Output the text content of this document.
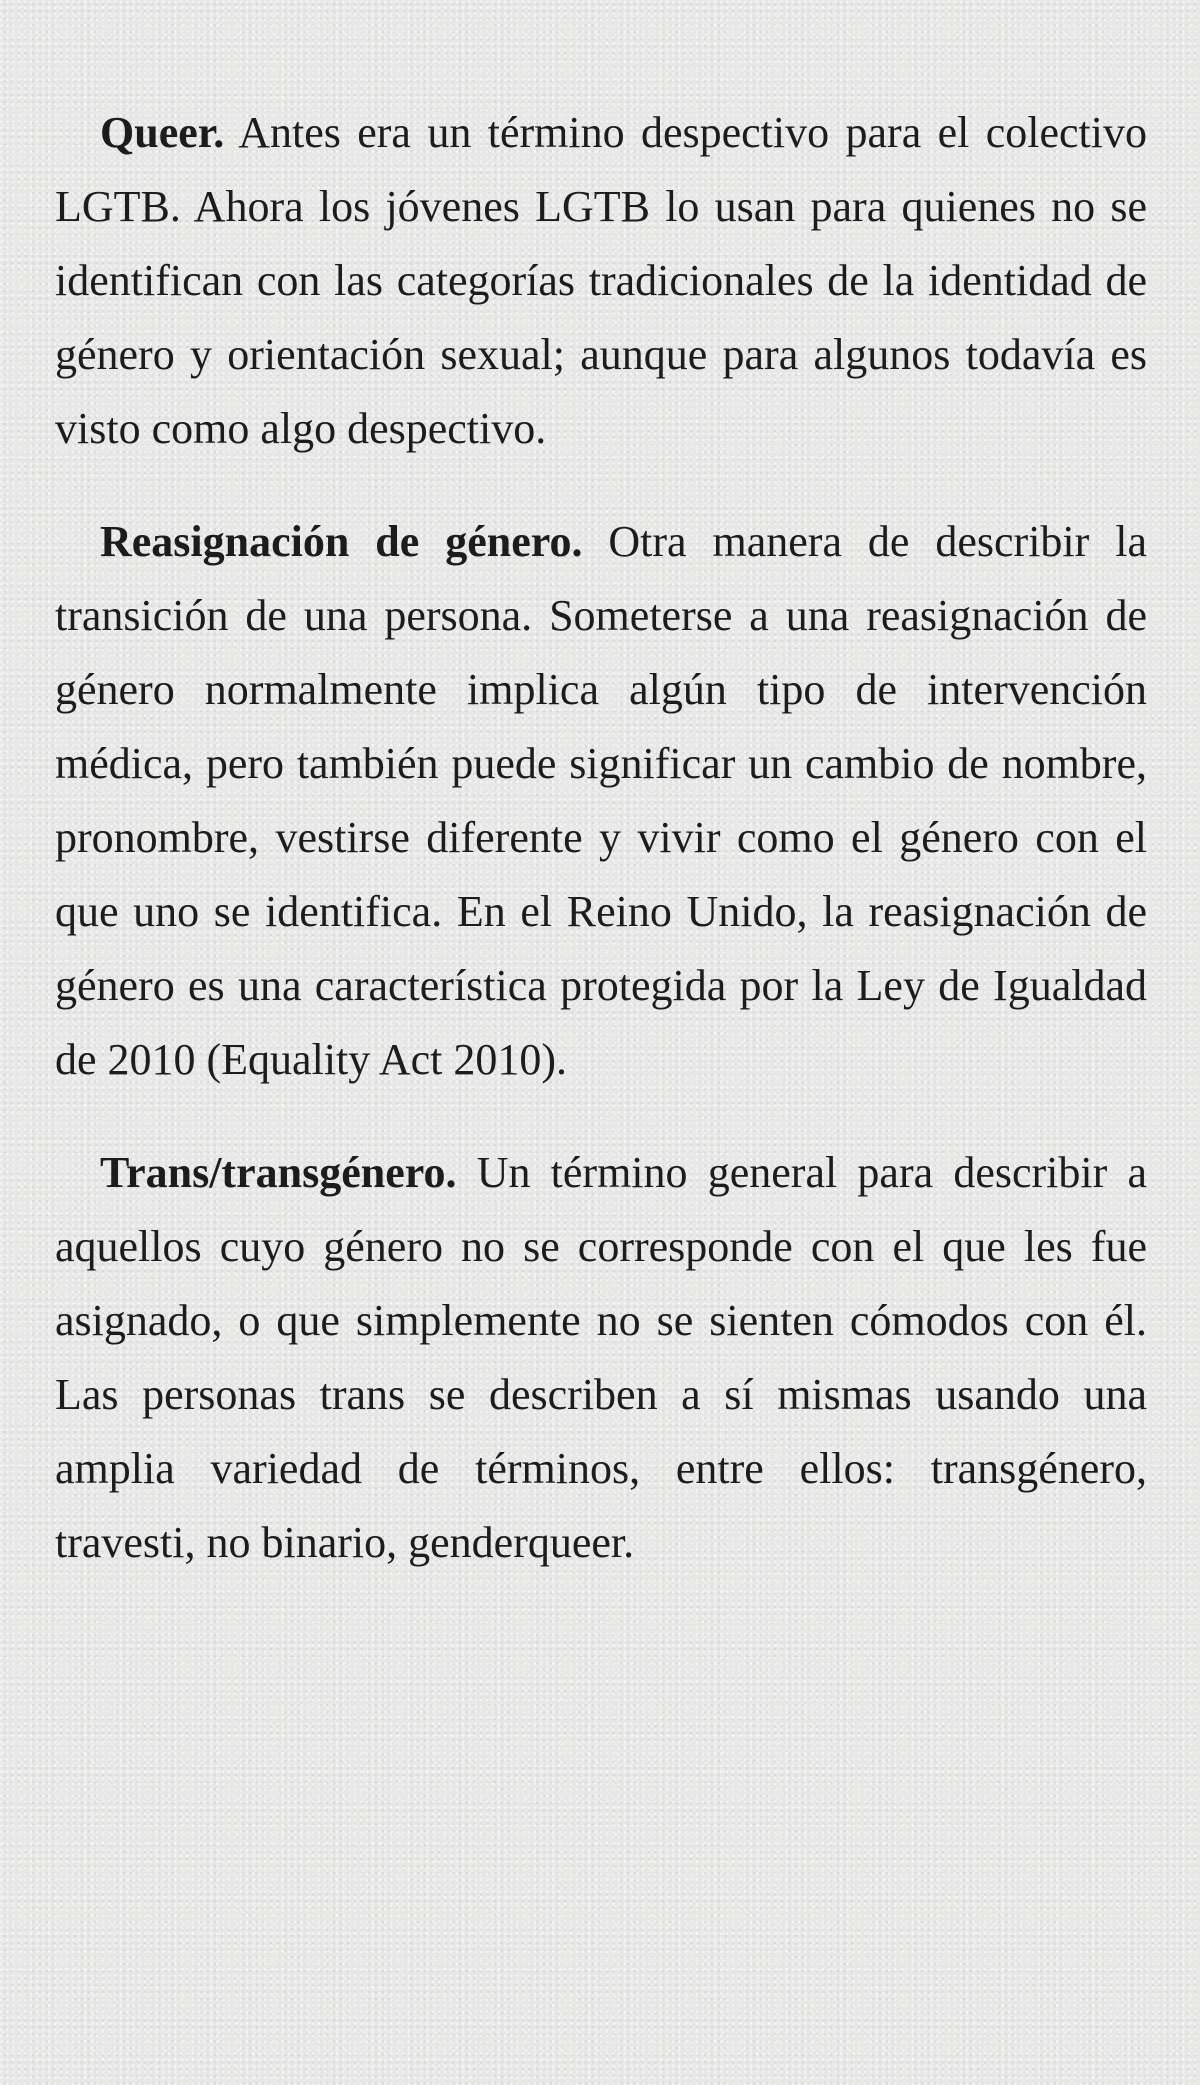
Queer. Antes era un término despectivo para el colectivo LGTB. Ahora los jóvenes LGTB lo usan para quienes no se identifican con las categorías tradicionales de la identidad de género y orientación sexual; aunque para algunos todavía es visto como algo despectivo.

Reasignación de género. Otra manera de describir la transición de una persona. Someterse a una reasignación de género normalmente implica algún tipo de intervención médica, pero también puede significar un cambio de nombre, pronombre, vestirse diferente y vivir como el género con el que uno se identifica. En el Reino Unido, la reasignación de género es una característica protegida por la Ley de Igualdad de 2010 (Equality Act 2010).

Trans/transgénero. Un término general para describir a aquellos cuyo género no se corresponde con el que les fue asignado, o que simplemente no se sienten cómodos con él. Las personas trans se describen a sí mismas usando una amplia variedad de términos, entre ellos: transgénero, travesti, no binario, genderqueer.
